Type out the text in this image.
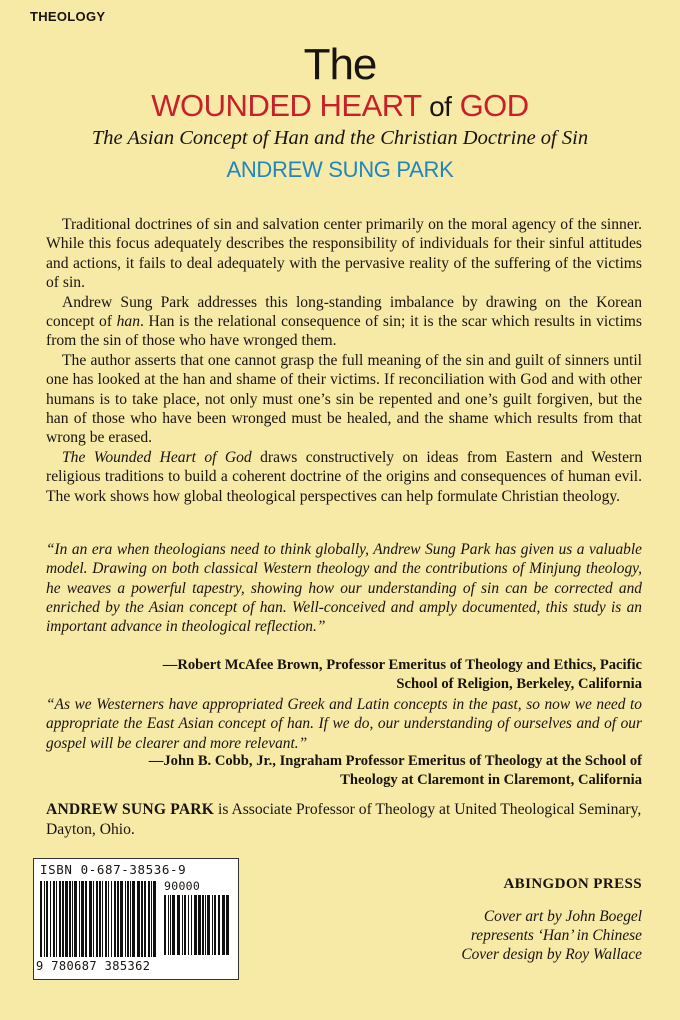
THEOLOGY
The
WOUNDED HEART of GOD
The Asian Concept of Han and the Christian Doctrine of Sin
ANDREW SUNG PARK

Traditional doctrines of sin and salvation center primarily on the moral agency of the sinner. While this focus adequately describes the responsibility of individuals for their sinful attitudes and actions, it fails to deal adequately with the pervasive reality of the suffering of the victims of sin.

Andrew Sung Park addresses this long-standing imbalance by drawing on the Korean concept of han. Han is the relational consequence of sin; it is the scar which results in victims from the sin of those who have wronged them.

The author asserts that one cannot grasp the full meaning of the sin and guilt of sinners until one has looked at the han and shame of their victims. If reconciliation with God and with other humans is to take place, not only must one’s sin be repented and one’s guilt forgiven, but the han of those who have been wronged must be healed, and the shame which results from that wrong be erased.

The Wounded Heart of God draws constructively on ideas from Eastern and Western religious traditions to build a coherent doctrine of the origins and consequences of human evil. The work shows how global theological perspectives can help formulate Christian theology.

“In an era when theologians need to think globally, Andrew Sung Park has given us a valuable model. Drawing on both classical Western theology and the contributions of Minjung theology, he weaves a powerful tapestry, showing how our understanding of sin can be corrected and enriched by the Asian concept of han. Well-conceived and amply documented, this study is an important advance in theological reflection.”
—Robert McAfee Brown, Professor Emeritus of Theology and Ethics, Pacific
School of Religion, Berkeley, California
“As we Westerners have appropriated Greek and Latin concepts in the past, so now we need to appropriate the East Asian concept of han. If we do, our understanding of ourselves and of our gospel will be clearer and more relevant.”
—John B. Cobb, Jr., Ingraham Professor Emeritus of Theology at the School of
Theology at Claremont in Claremont, California
ANDREW SUNG PARK is Associate Professor of Theology at United Theological Seminary, Dayton, Ohio.
ISBN 0-687-38536-9
90000
9 780687 385362
ABINGDON PRESS
Cover art by John Boegel
represents ‘Han’ in Chinese
Cover design by Roy Wallace
